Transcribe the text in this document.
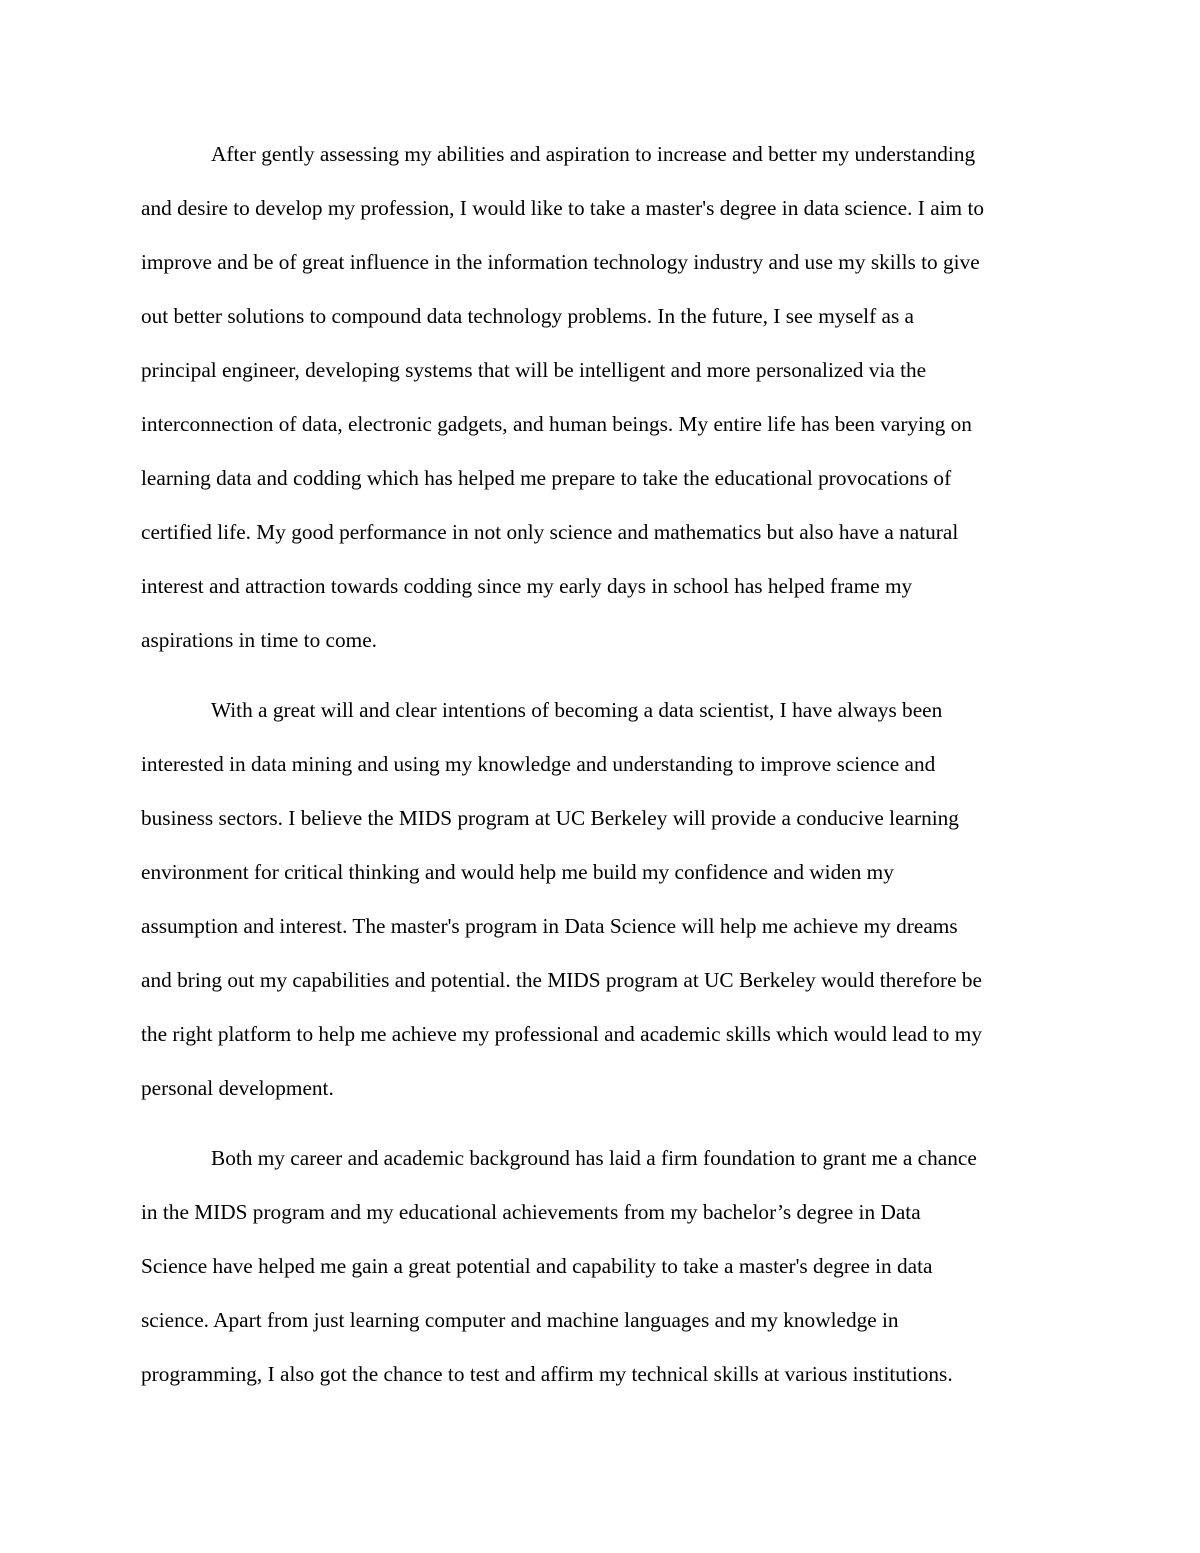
After gently assessing my abilities and aspiration to increase and better my understanding

and desire to develop my profession, I would like to take a master's degree in data science. I aim to

improve and be of great influence in the information technology industry and use my skills to give

out better solutions to compound data technology problems. In the future, I see myself as a

principal engineer, developing systems that will be intelligent and more personalized via the

interconnection of data, electronic gadgets, and human beings. My entire life has been varying on

learning data and codding which has helped me prepare to take the educational provocations of

certified life. My good performance in not only science and mathematics but also have a natural

interest and attraction towards codding since my early days in school has helped frame my

aspirations in time to come.

With a great will and clear intentions of becoming a data scientist, I have always been

interested in data mining and using my knowledge and understanding to improve science and

business sectors. I believe the MIDS program at UC Berkeley will provide a conducive learning

environment for critical thinking and would help me build my confidence and widen my

assumption and interest. The master's program in Data Science will help me achieve my dreams

and bring out my capabilities and potential. the MIDS program at UC Berkeley would therefore be

the right platform to help me achieve my professional and academic skills which would lead to my

personal development.

Both my career and academic background has laid a firm foundation to grant me a chance

in the MIDS program and my educational achievements from my bachelor’s degree in Data

Science have helped me gain a great potential and capability to take a master's degree in data

science. Apart from just learning computer and machine languages and my knowledge in

programming, I also got the chance to test and affirm my technical skills at various institutions.
